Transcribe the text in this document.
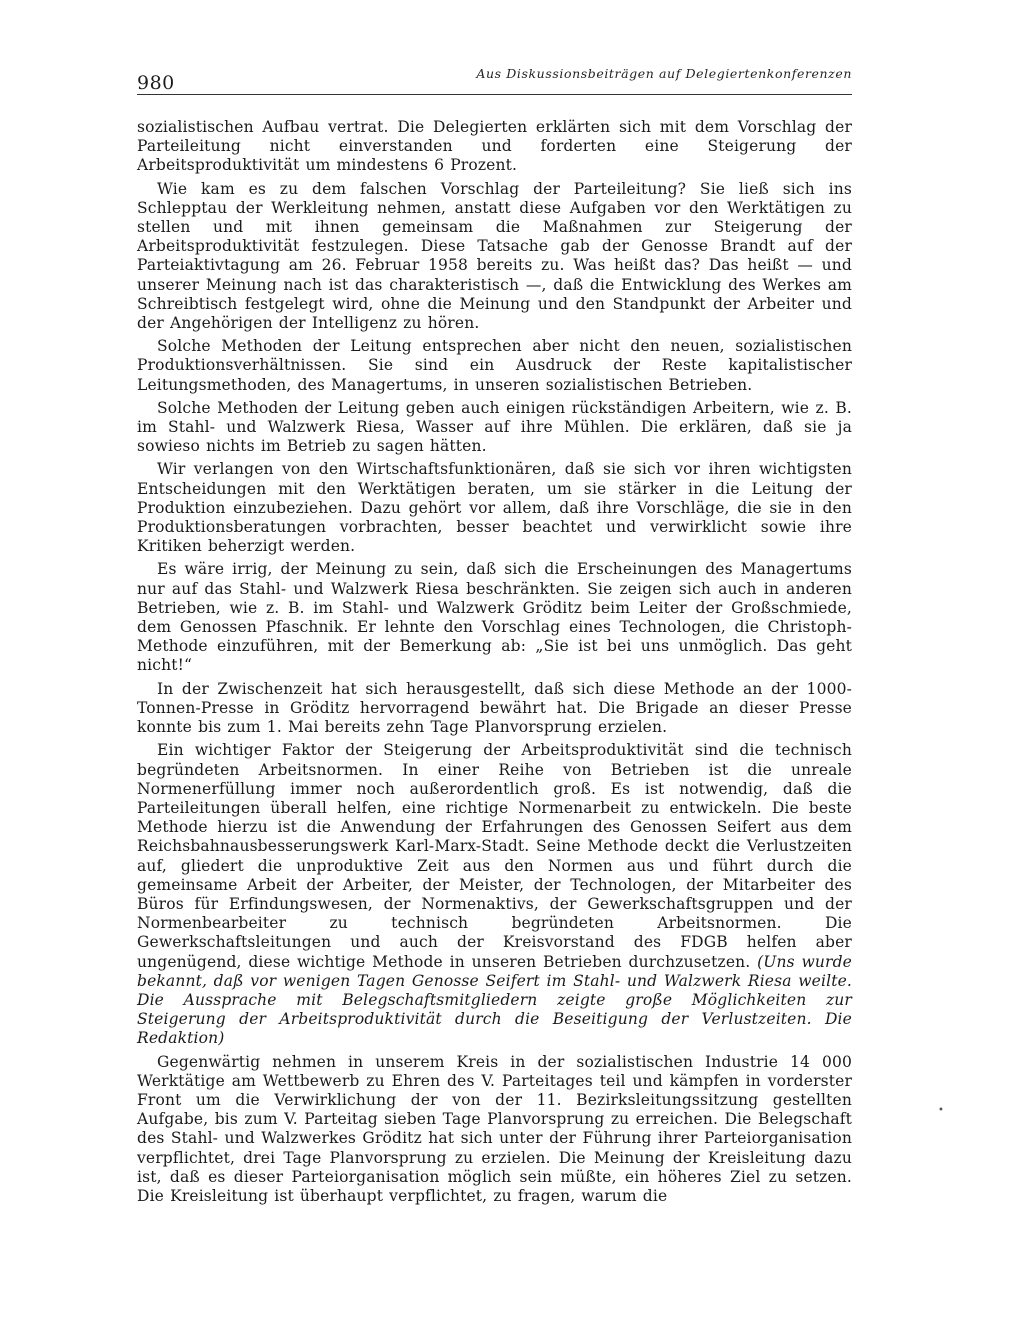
980	Aus Diskussionsbeiträgen auf Delegiertenkonferenzen

sozialistischen Aufbau vertrat. Die Delegierten erklärten sich mit dem Vorschlag der Parteileitung nicht einverstanden und forderten eine Steigerung der Arbeitsproduktivität um mindestens 6 Prozent.

Wie kam es zu dem falschen Vorschlag der Parteileitung? Sie ließ sich ins Schlepptau der Werkleitung nehmen, anstatt diese Aufgaben vor den Werktätigen zu stellen und mit ihnen gemeinsam die Maßnahmen zur Steigerung der Arbeitsproduktivität festzulegen. Diese Tatsache gab der Genosse Brandt auf der Parteiaktivtagung am 26. Februar 1958 bereits zu. Was heißt das? Das heißt — und unserer Meinung nach ist das charakteristisch —, daß die Entwicklung des Werkes am Schreibtisch festgelegt wird, ohne die Meinung und den Standpunkt der Arbeiter und der Angehörigen der Intelligenz zu hören.

Solche Methoden der Leitung entsprechen aber nicht den neuen, sozialistischen Produktionsverhältnissen. Sie sind ein Ausdruck der Reste kapitalistischer Leitungsmethoden, des Managertums, in unseren sozialistischen Betrieben.

Solche Methoden der Leitung geben auch einigen rückständigen Arbeitern, wie z. B. im Stahl- und Walzwerk Riesa, Wasser auf ihre Mühlen. Die erklären, daß sie ja sowieso nichts im Betrieb zu sagen hätten.

Wir verlangen von den Wirtschaftsfunktionären, daß sie sich vor ihren wichtigsten Entscheidungen mit den Werktätigen beraten, um sie stärker in die Leitung der Produktion einzubeziehen. Dazu gehört vor allem, daß ihre Vorschläge, die sie in den Produktionsberatungen vorbrachten, besser beachtet und verwirklicht sowie ihre Kritiken beherzigt werden.

Es wäre irrig, der Meinung zu sein, daß sich die Erscheinungen des Managertums nur auf das Stahl- und Walzwerk Riesa beschränkten. Sie zeigen sich auch in anderen Betrieben, wie z. B. im Stahl- und Walzwerk Gröditz beim Leiter der Großschmiede, dem Genossen Pfaschnik. Er lehnte den Vorschlag eines Technologen, die Christoph-Methode einzuführen, mit der Bemerkung ab: „Sie ist bei uns unmöglich. Das geht nicht!“

In der Zwischenzeit hat sich herausgestellt, daß sich diese Methode an der 1000-Tonnen-Presse in Gröditz hervorragend bewährt hat. Die Brigade an dieser Presse konnte bis zum 1. Mai bereits zehn Tage Planvorsprung erzielen.

Ein wichtiger Faktor der Steigerung der Arbeitsproduktivität sind die technisch begründeten Arbeitsnormen. In einer Reihe von Betrieben ist die unreale Normenerfüllung immer noch außerordentlich groß. Es ist notwendig, daß die Parteileitungen überall helfen, eine richtige Normenarbeit zu entwickeln. Die beste Methode hierzu ist die Anwendung der Erfahrungen des Genossen Seifert aus dem Reichsbahnausbesserungswerk Karl-Marx-Stadt. Seine Methode deckt die Verlustzeiten auf, gliedert die unproduktive Zeit aus den Normen aus und führt durch die gemeinsame Arbeit der Arbeiter, der Meister, der Technologen, der Mitarbeiter des Büros für Erfindungswesen, der Normenaktivs, der Gewerkschaftsgruppen und der Normenbearbeiter zu technisch begründeten Arbeitsnormen. Die Gewerkschaftsleitungen und auch der Kreisvorstand des FDGB helfen aber ungenügend, diese wichtige Methode in unseren Betrieben durchzusetzen. (Uns wurde bekannt, daß vor wenigen Tagen Genosse Seifert im Stahl- und Walzwerk Riesa weilte. Die Aussprache mit Belegschaftsmitgliedern zeigte große Möglichkeiten zur Steigerung der Arbeitsproduktivität durch die Beseitigung der Verlustzeiten. Die Redaktion)

Gegenwärtig nehmen in unserem Kreis in der sozialistischen Industrie 14 000 Werktätige am Wettbewerb zu Ehren des V. Parteitages teil und kämpfen in vorderster Front um die Verwirklichung der von der 11. Bezirksleitungssitzung gestellten Aufgabe, bis zum V. Parteitag sieben Tage Planvorsprung zu erreichen. Die Belegschaft des Stahl- und Walzwerkes Gröditz hat sich unter der Führung ihrer Parteiorganisation verpflichtet, drei Tage Planvorsprung zu erzielen. Die Meinung der Kreisleitung dazu ist, daß es dieser Parteiorganisation möglich sein müßte, ein höheres Ziel zu setzen. Die Kreisleitung ist überhaupt verpflichtet, zu fragen, warum die

•
